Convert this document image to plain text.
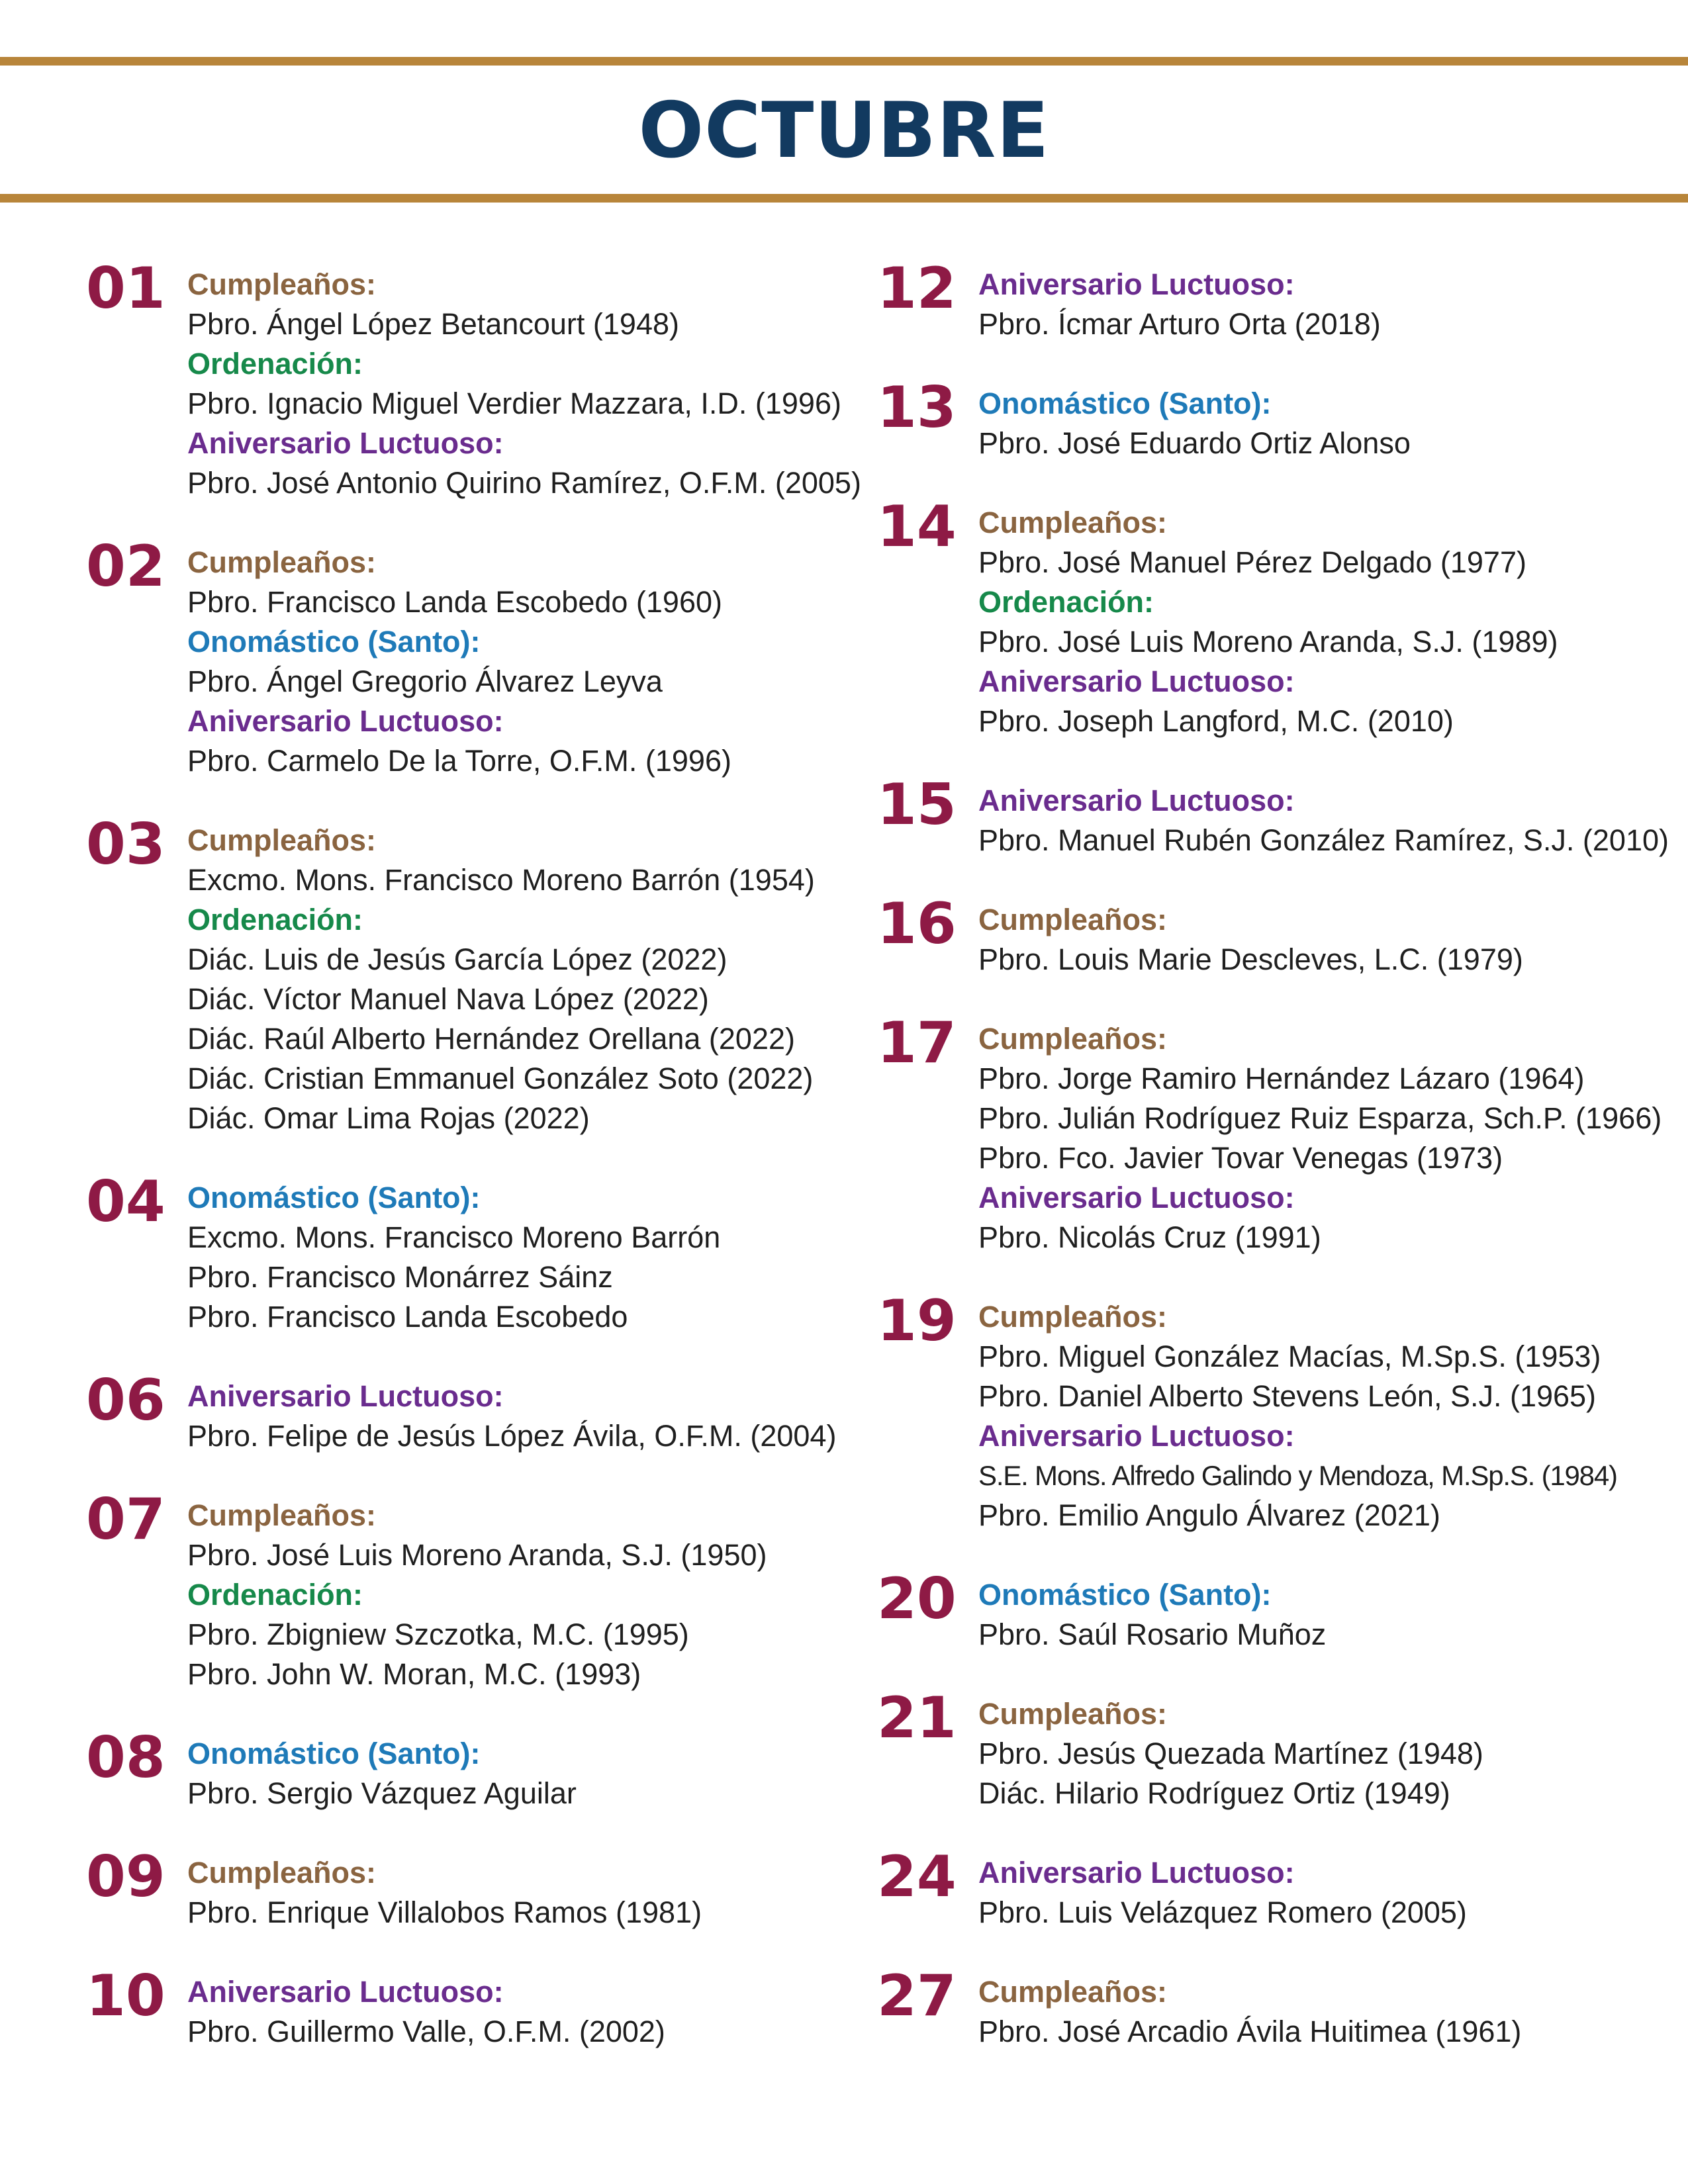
OCTUBRE
01 Cumpleaños:
Pbro. Ángel López Betancourt (1948)
Ordenación:
Pbro. Ignacio Miguel Verdier Mazzara, I.D. (1996)
Aniversario Luctuoso:
Pbro. José Antonio Quirino Ramírez, O.F.M. (2005)
02 Cumpleaños:
Pbro. Francisco Landa Escobedo (1960)
Onomástico (Santo):
Pbro. Ángel Gregorio Álvarez Leyva
Aniversario Luctuoso:
Pbro. Carmelo De la Torre, O.F.M. (1996)
03 Cumpleaños:
Excmo. Mons. Francisco Moreno Barrón (1954)
Ordenación:
Diác. Luis de Jesús García López (2022)
Diác. Víctor Manuel Nava López (2022)
Diác. Raúl Alberto Hernández Orellana (2022)
Diác. Cristian Emmanuel González Soto (2022)
Diác. Omar Lima Rojas (2022)
04 Onomástico (Santo):
Excmo. Mons. Francisco Moreno Barrón
Pbro. Francisco Monárrez Sáinz
Pbro. Francisco Landa Escobedo
06 Aniversario Luctuoso:
Pbro. Felipe de Jesús López Ávila, O.F.M. (2004)
07 Cumpleaños:
Pbro. José Luis Moreno Aranda, S.J. (1950)
Ordenación:
Pbro. Zbigniew Szczotka, M.C. (1995)
Pbro. John W. Moran, M.C. (1993)
08 Onomástico (Santo):
Pbro. Sergio Vázquez Aguilar
09 Cumpleaños:
Pbro. Enrique Villalobos Ramos (1981)
10 Aniversario Luctuoso:
Pbro. Guillermo Valle, O.F.M. (2002)
12 Aniversario Luctuoso:
Pbro. Ícmar Arturo Orta (2018)
13 Onomástico (Santo):
Pbro. José Eduardo Ortiz Alonso
14 Cumpleaños:
Pbro. José Manuel Pérez Delgado (1977)
Ordenación:
Pbro. José Luis Moreno Aranda, S.J. (1989)
Aniversario Luctuoso:
Pbro. Joseph Langford, M.C. (2010)
15 Aniversario Luctuoso:
Pbro. Manuel Rubén González Ramírez, S.J. (2010)
16 Cumpleaños:
Pbro. Louis Marie Descleves, L.C. (1979)
17 Cumpleaños:
Pbro. Jorge Ramiro Hernández Lázaro (1964)
Pbro. Julián Rodríguez Ruiz Esparza, Sch.P. (1966)
Pbro. Fco. Javier Tovar Venegas (1973)
Aniversario Luctuoso:
Pbro. Nicolás Cruz (1991)
19 Cumpleaños:
Pbro. Miguel González Macías, M.Sp.S. (1953)
Pbro. Daniel Alberto Stevens León, S.J. (1965)
Aniversario Luctuoso:
S.E. Mons. Alfredo Galindo y Mendoza, M.Sp.S. (1984)
Pbro. Emilio Angulo Álvarez (2021)
20 Onomástico (Santo):
Pbro. Saúl Rosario Muñoz
21 Cumpleaños:
Pbro. Jesús Quezada Martínez (1948)
Diác. Hilario Rodríguez Ortiz (1949)
24 Aniversario Luctuoso:
Pbro. Luis Velázquez Romero (2005)
27 Cumpleaños:
Pbro. José Arcadio Ávila Huitimea (1961)
